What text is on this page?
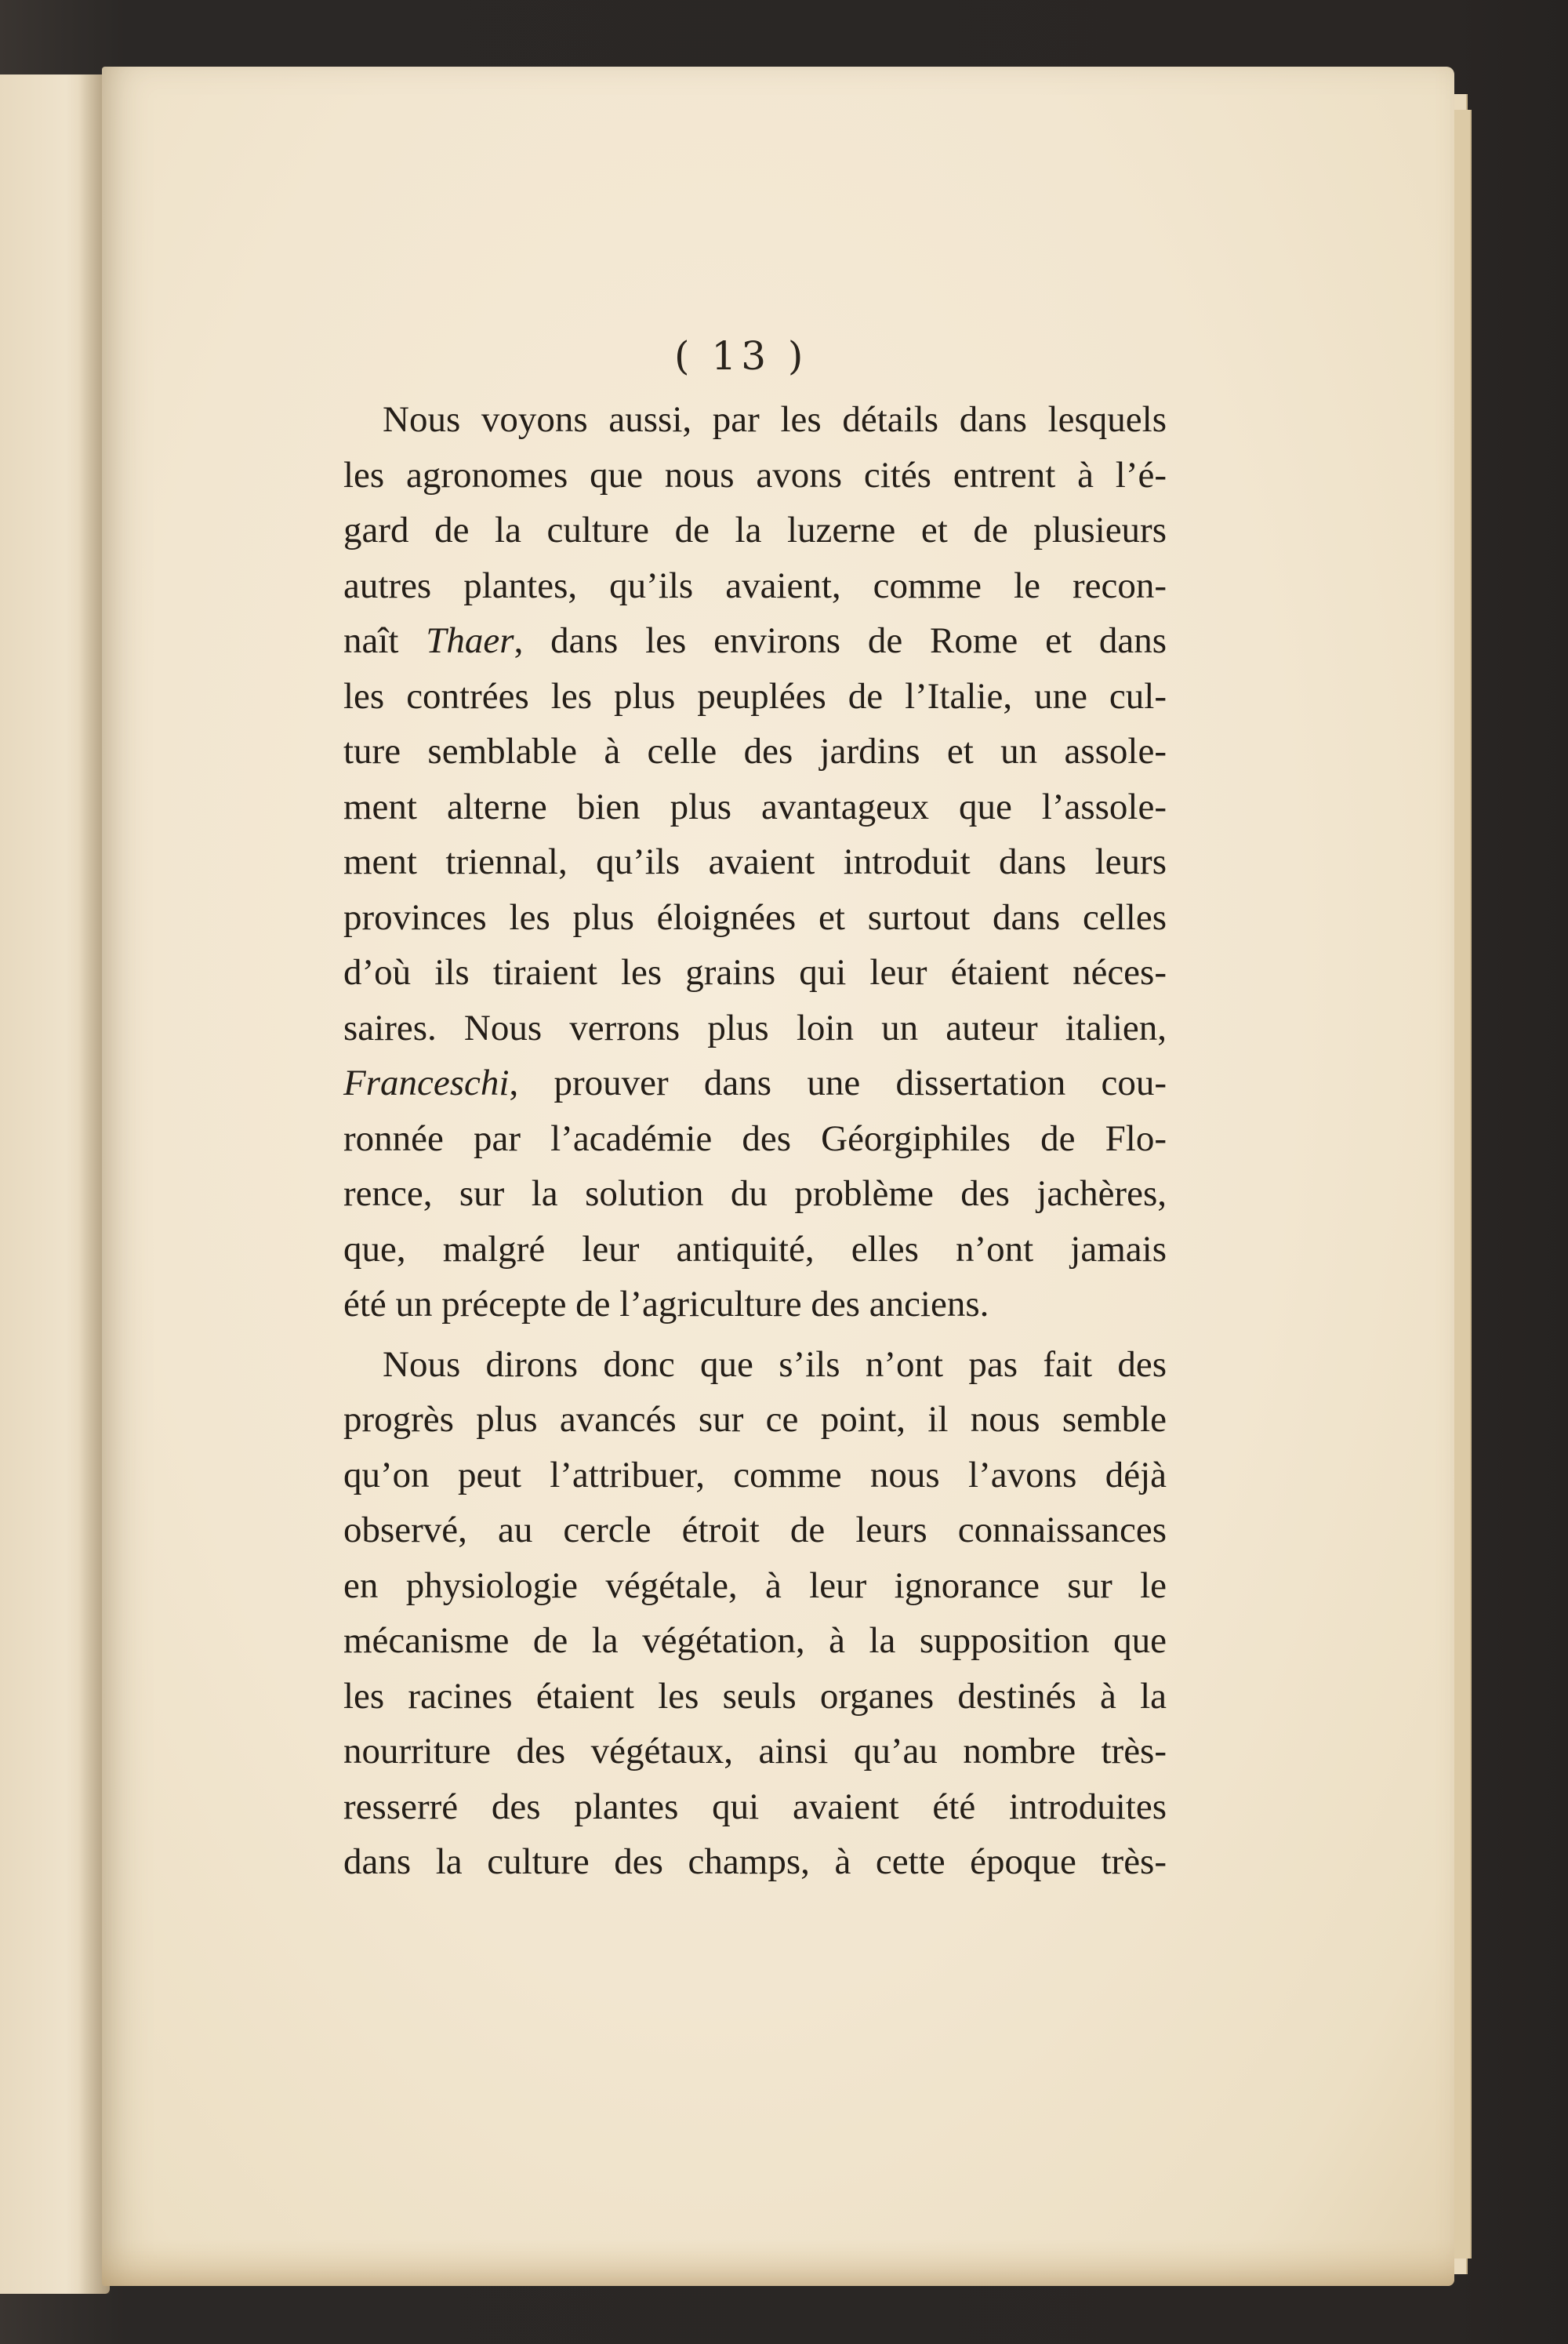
( 13 )
Nous voyons aussi, par les détails dans lesquels
les agronomes que nous avons cités entrent à l’é-
gard de la culture de la luzerne et de plusieurs
autres plantes, qu’ils avaient, comme le recon-
naît Thaer, dans les environs de Rome et dans
les contrées les plus peuplées de l’Italie, une cul-
ture semblable à celle des jardins et un assole-
ment alterne bien plus avantageux que l’assole-
ment triennal, qu’ils avaient introduit dans leurs
provinces les plus éloignées et surtout dans celles
d’où ils tiraient les grains qui leur étaient néces-
saires. Nous verrons plus loin un auteur italien,
Franceschi, prouver dans une dissertation cou-
ronnée par l’académie des Géorgiphiles de Flo-
rence, sur la solution du problème des jachères,
que, malgré leur antiquité, elles n’ont jamais
été un précepte de l’agriculture des anciens.
Nous dirons donc que s’ils n’ont pas fait des
progrès plus avancés sur ce point, il nous semble
qu’on peut l’attribuer, comme nous l’avons déjà
observé, au cercle étroit de leurs connaissances
en physiologie végétale, à leur ignorance sur le
mécanisme de la végétation, à la supposition que
les racines étaient les seuls organes destinés à la
nourriture des végétaux, ainsi qu’au nombre très-
resserré des plantes qui avaient été introduites
dans la culture des champs, à cette époque très-
